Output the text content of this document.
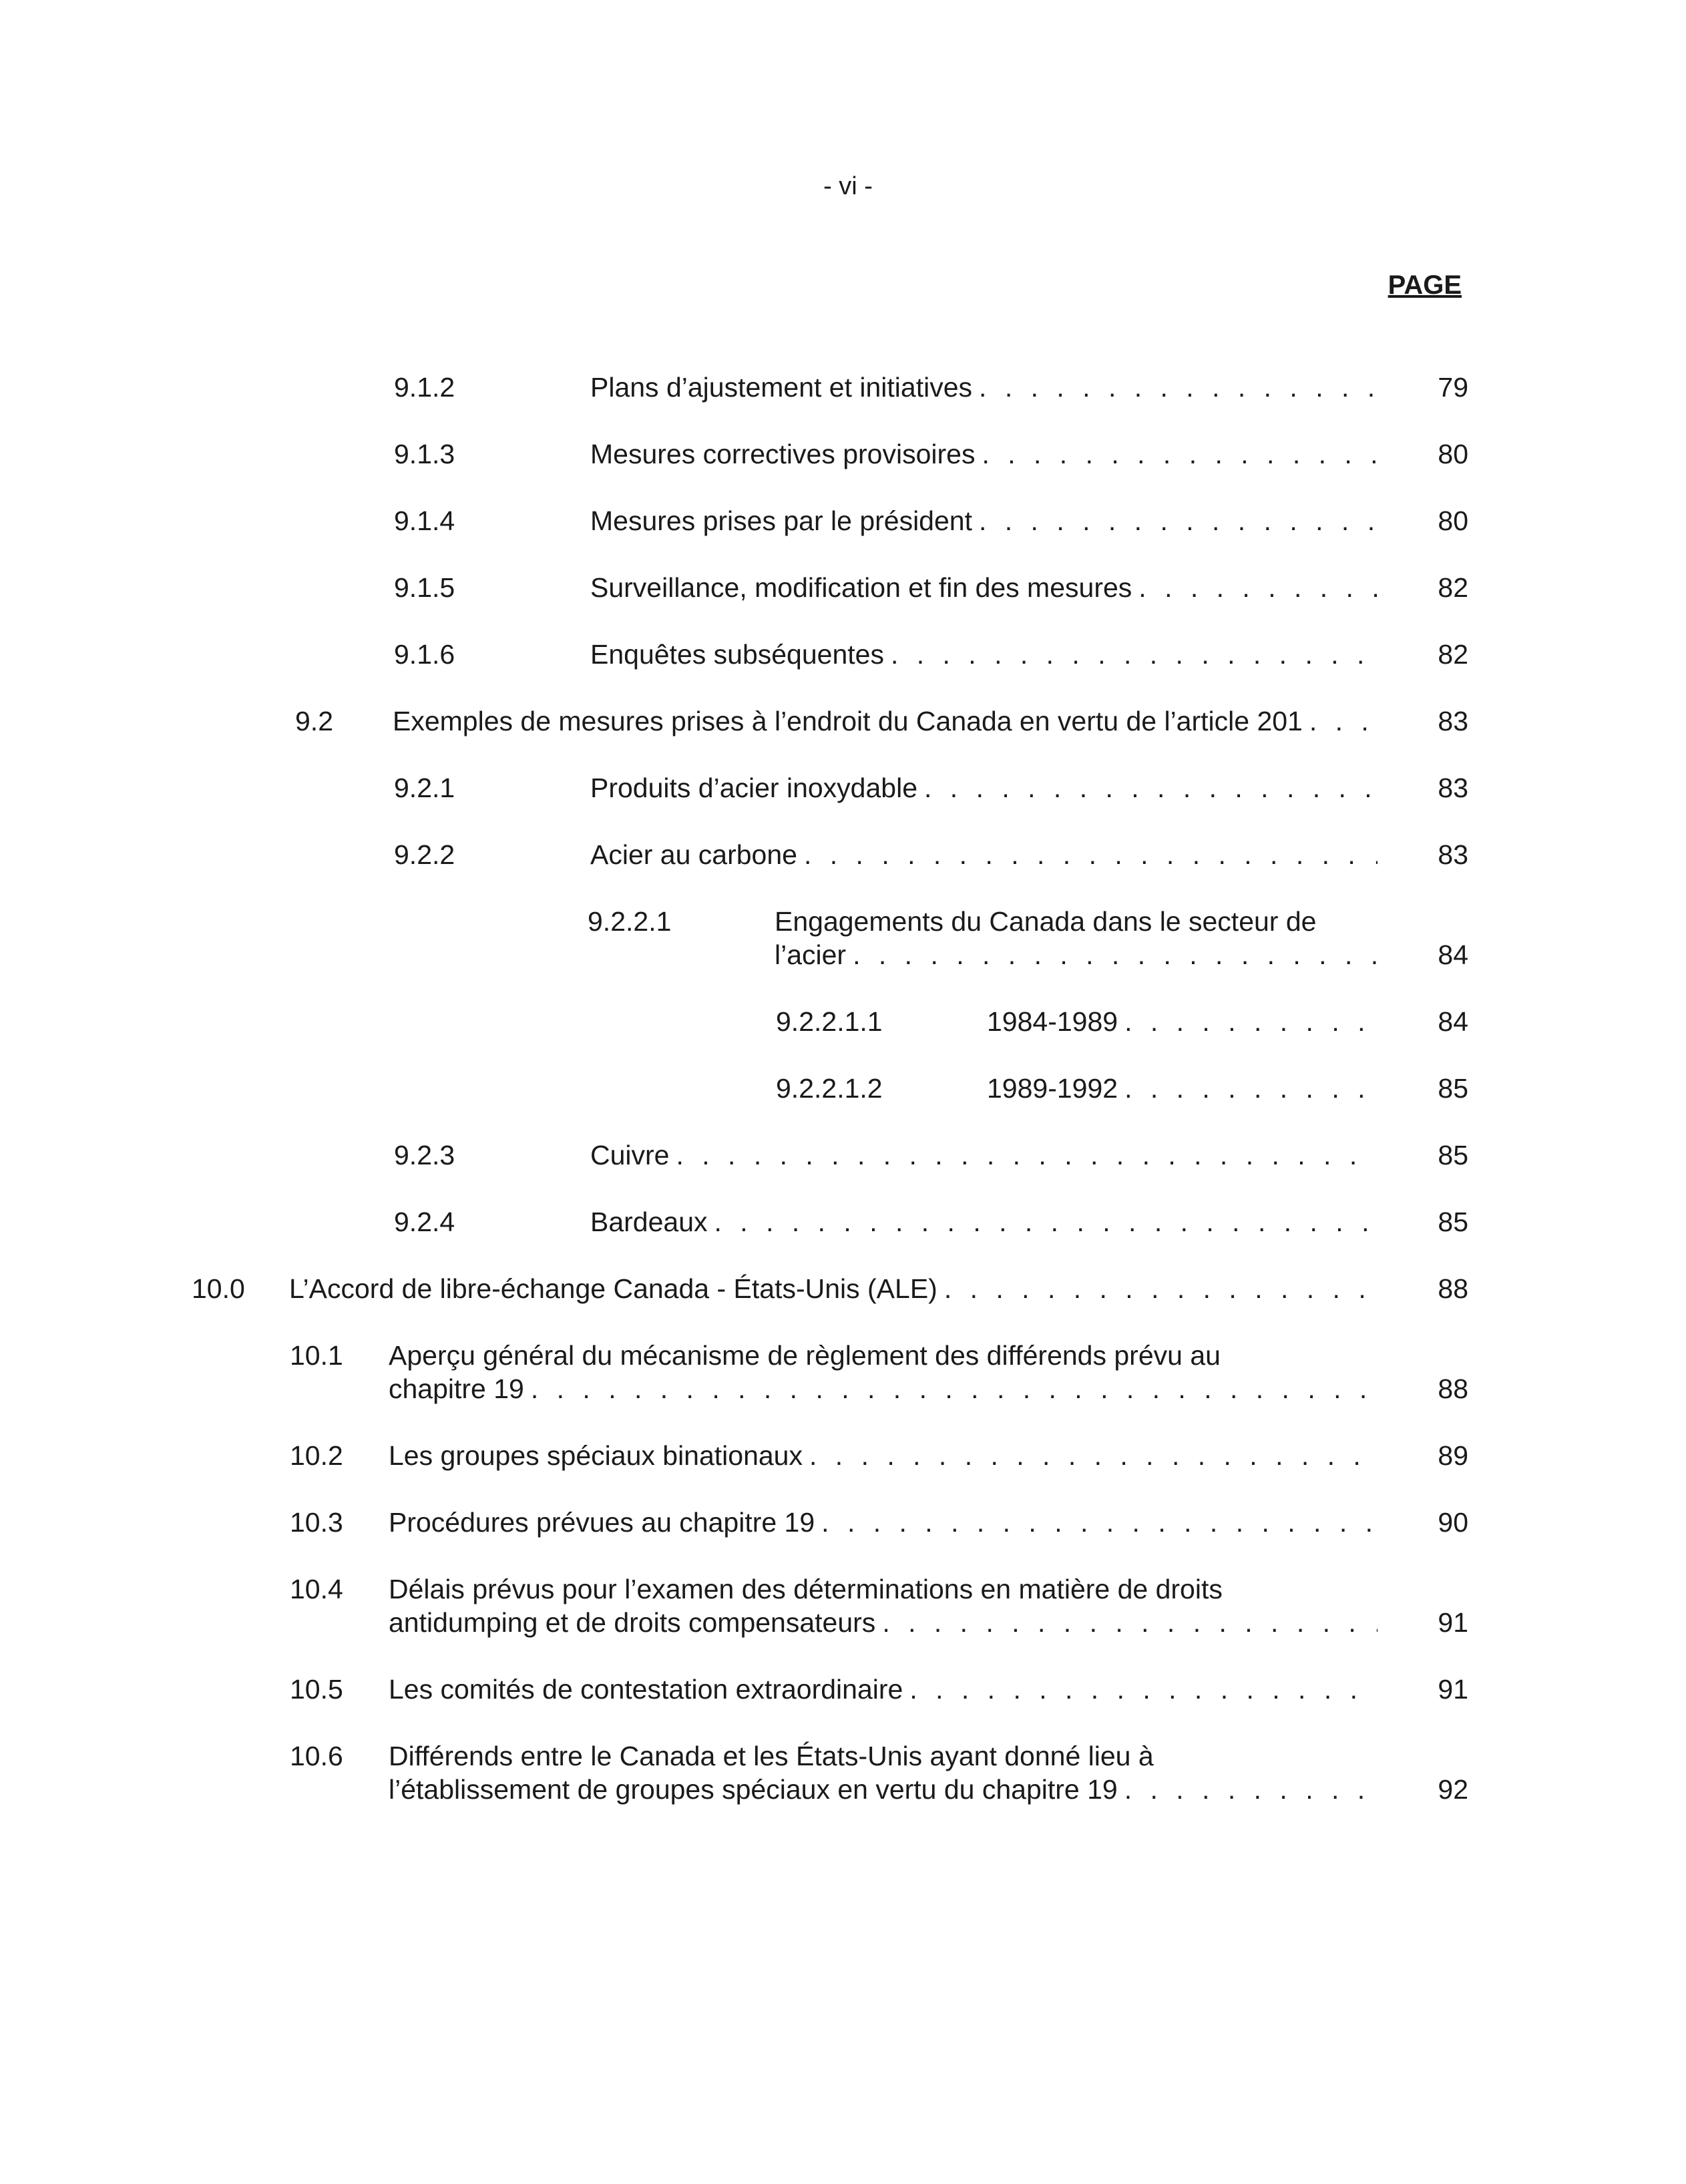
- vi -
PAGE
9.1.2	Plans d’ajustement et initiatives . . .	79
9.1.3	Mesures correctives provisoires . . .	80
9.1.4	Mesures prises par le président . . .	80
9.1.5	Surveillance, modification et fin des mesures . . .	82
9.1.6	Enquêtes subséquentes . . .	82
9.2 Exemples de mesures prises à l’endroit du Canada en vertu de l’article 201 . . .	83
9.2.1	Produits d’acier inoxydable . . .	83
9.2.2	Acier au carbone . . .	83
9.2.2.1	Engagements du Canada dans le secteur de
l’acier . . .	84
9.2.2.1.1	1984-1989 . . .	84
9.2.2.1.2	1989-1992 . . .	85
9.2.3	Cuivre . . .	85
9.2.4	Bardeaux . . .	85
10.0 L’Accord de libre-échange Canada - États-Unis (ALE) . . .	88
10.1 Aperçu général du mécanisme de règlement des différends prévu au
chapitre 19 . . .	88
10.2 Les groupes spéciaux binationaux . . .	89
10.3 Procédures prévues au chapitre 19 . . .	90
10.4 Délais prévus pour l’examen des déterminations en matière de droits
antidumping et de droits compensateurs . . .	91
10.5 Les comités de contestation extraordinaire . . .	91
10.6 Différends entre le Canada et les États-Unis ayant donné lieu à
l’établissement de groupes spéciaux en vertu du chapitre 19 . . .	92
